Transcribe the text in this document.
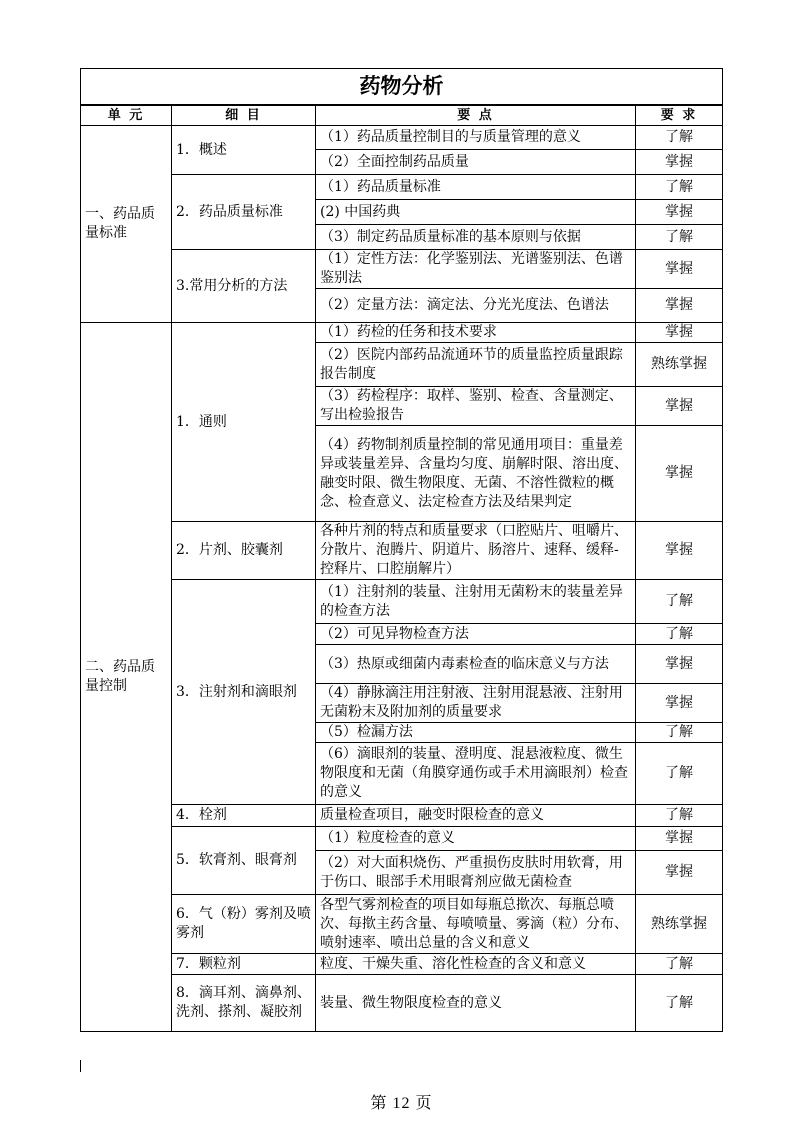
药物分析			
单 元	细 目	要 点	要 求
一、药品质量标准	1．概述	（1）药品质量控制目的与质量管理的意义	了解
		（2）全面控制药品质量	掌握
	2．药品质量标准	（1）药品质量标准	了解
		(2) 中国药典	掌握
		（3）制定药品质量标准的基本原则与依据	了解
	3.常用分析的方法	（1）定性方法：化学鉴别法、光谱鉴别法、色谱鉴别法	掌握
		（2）定量方法：滴定法、分光光度法、色谱法	掌握
二、药品质量控制	1．通则	（1）药检的任务和技术要求	掌握
		（2）医院内部药品流通环节的质量监控质量跟踪报告制度	熟练掌握
		（3）药检程序：取样、鉴别、检查、含量测定、写出检验报告	掌握
		（4）药物制剂质量控制的常见通用项目：重量差异或装量差异、含量均匀度、崩解时限、溶出度、融变时限、微生物限度、无菌、不溶性微粒的概念、检查意义、法定检查方法及结果判定	掌握
	2．片剂、胶囊剂	各种片剂的特点和质量要求（口腔贴片、咀嚼片、分散片、泡腾片、阴道片、肠溶片、速释、缓释-控释片、口腔崩解片）	掌握
	3．注射剂和滴眼剂	（1）注射剂的装量、注射用无菌粉末的装量差异的检查方法	了解
		（2）可见异物检查方法	了解
		（3）热原或细菌内毒素检查的临床意义与方法	掌握
		（4）静脉滴注用注射液、注射用混悬液、注射用无菌粉末及附加剂的质量要求	掌握
		（5）检漏方法	了解
		（6）滴眼剂的装量、澄明度、混悬液粒度、微生物限度和无菌（角膜穿通伤或手术用滴眼剂）检查的意义	了解
	4．栓剂	质量检查项目，融变时限检查的意义	了解
	5．软膏剂、眼膏剂	（1）粒度检查的意义	掌握
		（2）对大面积烧伤、严重损伤皮肤时用软膏，用于伤口、眼部手术用眼膏剂应做无菌检查	掌握
	6．气（粉）雾剂及喷雾剂	各型气雾剂检查的项目如每瓶总揿次、每瓶总喷次、每揿主药含量、每喷喷量、雾滴（粒）分布、喷射速率、喷出总量的含义和意义	熟练掌握
	7．颗粒剂	粒度、干燥失重、溶化性检查的含义和意义	了解
	8．滴耳剂、滴鼻剂、洗剂、搽剂、凝胶剂	装量、微生物限度检查的意义	了解
第 12 页
